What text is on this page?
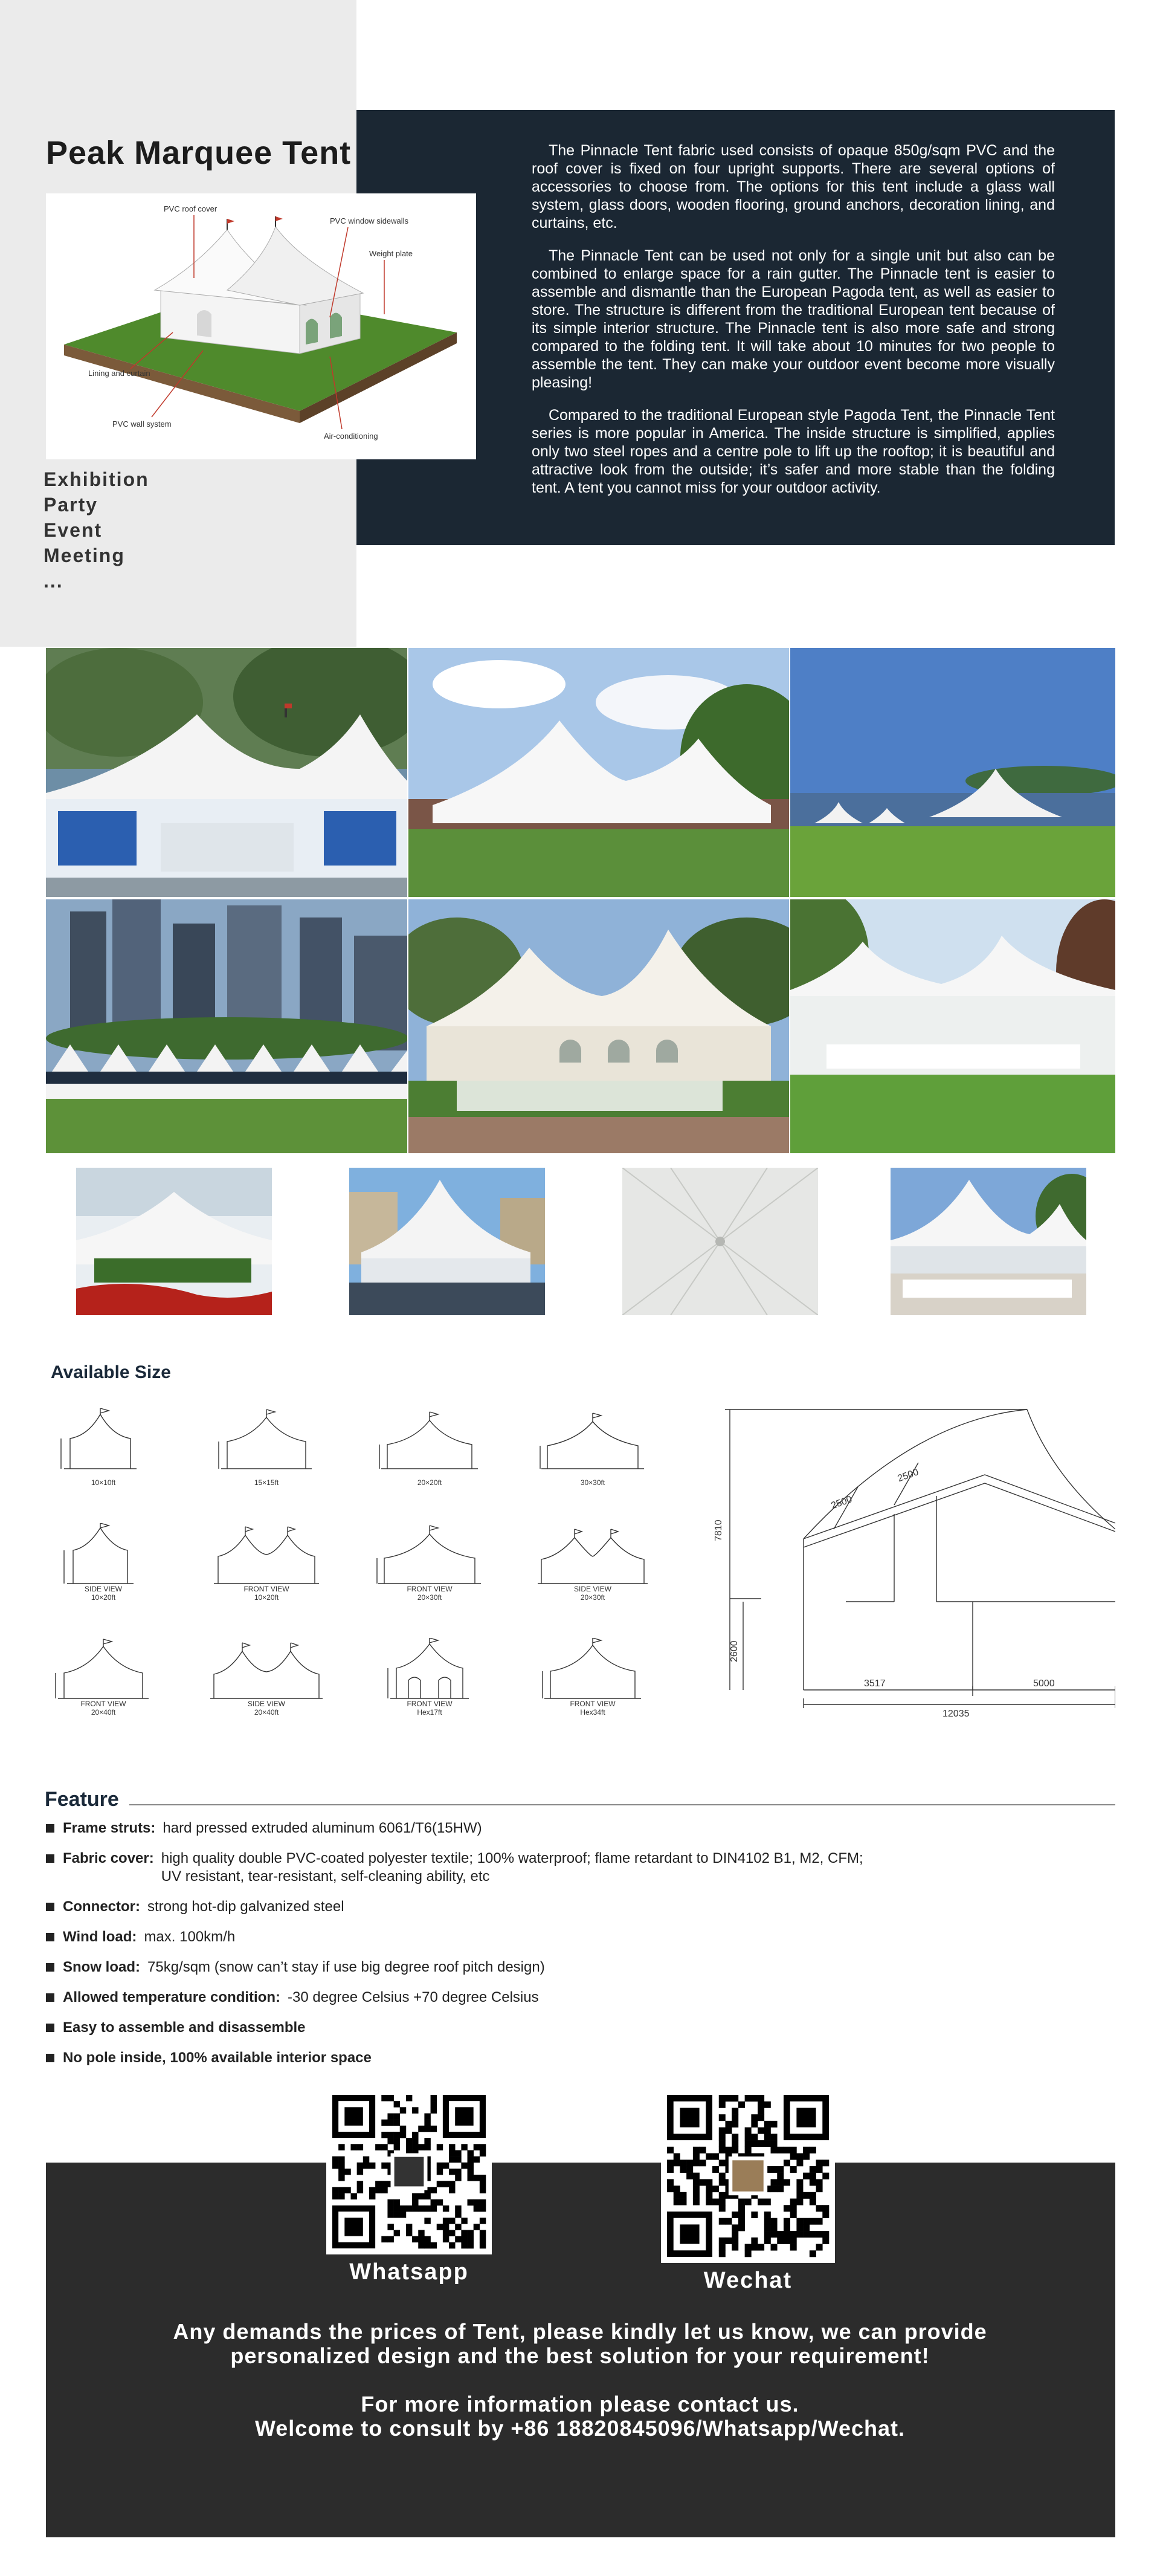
Peak Marquee Tent
PVC roof cover
PVC window sidewalls
Weight plate
Lining and curtain
PVC wall system
Air-conditioning
Exhibition
Party
Event
Meeting
...

The Pinnacle Tent fabric used consists of opaque 850g/sqm PVC and the roof cover is fixed on four upright supports. There are several options of accessories to choose from. The options for this tent include a glass wall system, glass doors, wooden flooring, ground anchors, decoration lining, and curtains, etc.

The Pinnacle Tent can be used not only for a single unit but also can be combined to enlarge space for a rain gutter. The Pinnacle tent is easier to assemble and dismantle than the European Pagoda tent, as well as easier to store. The structure is different from the traditional European tent because of its simple interior structure. The Pinnacle tent is also more safe and strong compared to the folding tent. It will take about 10 minutes for two people to assemble the tent. They can make your outdoor event become more visually pleasing!

Compared to the traditional European style Pagoda Tent, the Pinnacle Tent series is more popular in America. The inside structure is simplified, applies only two steel ropes and a centre pole to lift up the rooftop; it is beautiful and attractive look from the outside; it’s safer and more stable than the folding tent. A tent you cannot miss for your outdoor activity.

Available Size
10×10ft	15×15ft	20×20ft	30×30ft
SIDE VIEW
10×20ft
FRONT VIEW
10×20ft
FRONT VIEW
20×30ft
SIDE VIEW
20×30ft
FRONT VIEW
20×40ft
SIDE VIEW
20×40ft
FRONT VIEW
Hex17ft
FRONT VIEW
Hex34ft
7810
2600
2500
2500
3517	5000
12035
Feature
Frame struts: hard pressed extruded aluminum 6061/T6(15HW)
Fabric cover: high quality double PVC-coated polyester textile; 100% waterproof; flame retardant to DIN4102 B1, M2, CFM;
UV resistant, tear-resistant, self-cleaning ability, etc
Connector: strong hot-dip galvanized steel
Wind load: max. 100km/h
Snow load: 75kg/sqm (snow can’t stay if use big degree roof pitch design)
Allowed temperature condition: -30 degree Celsius +70 degree Celsius
Easy to assemble and disassemble
No pole inside, 100% available interior space
Whatsapp	Wechat

Any demands the prices of Tent, please kindly let us know, we can provide personalized design and the best solution for your requirement!

For more information please contact us.
Welcome to consult by +86 18820845096/Whatsapp/Wechat.
